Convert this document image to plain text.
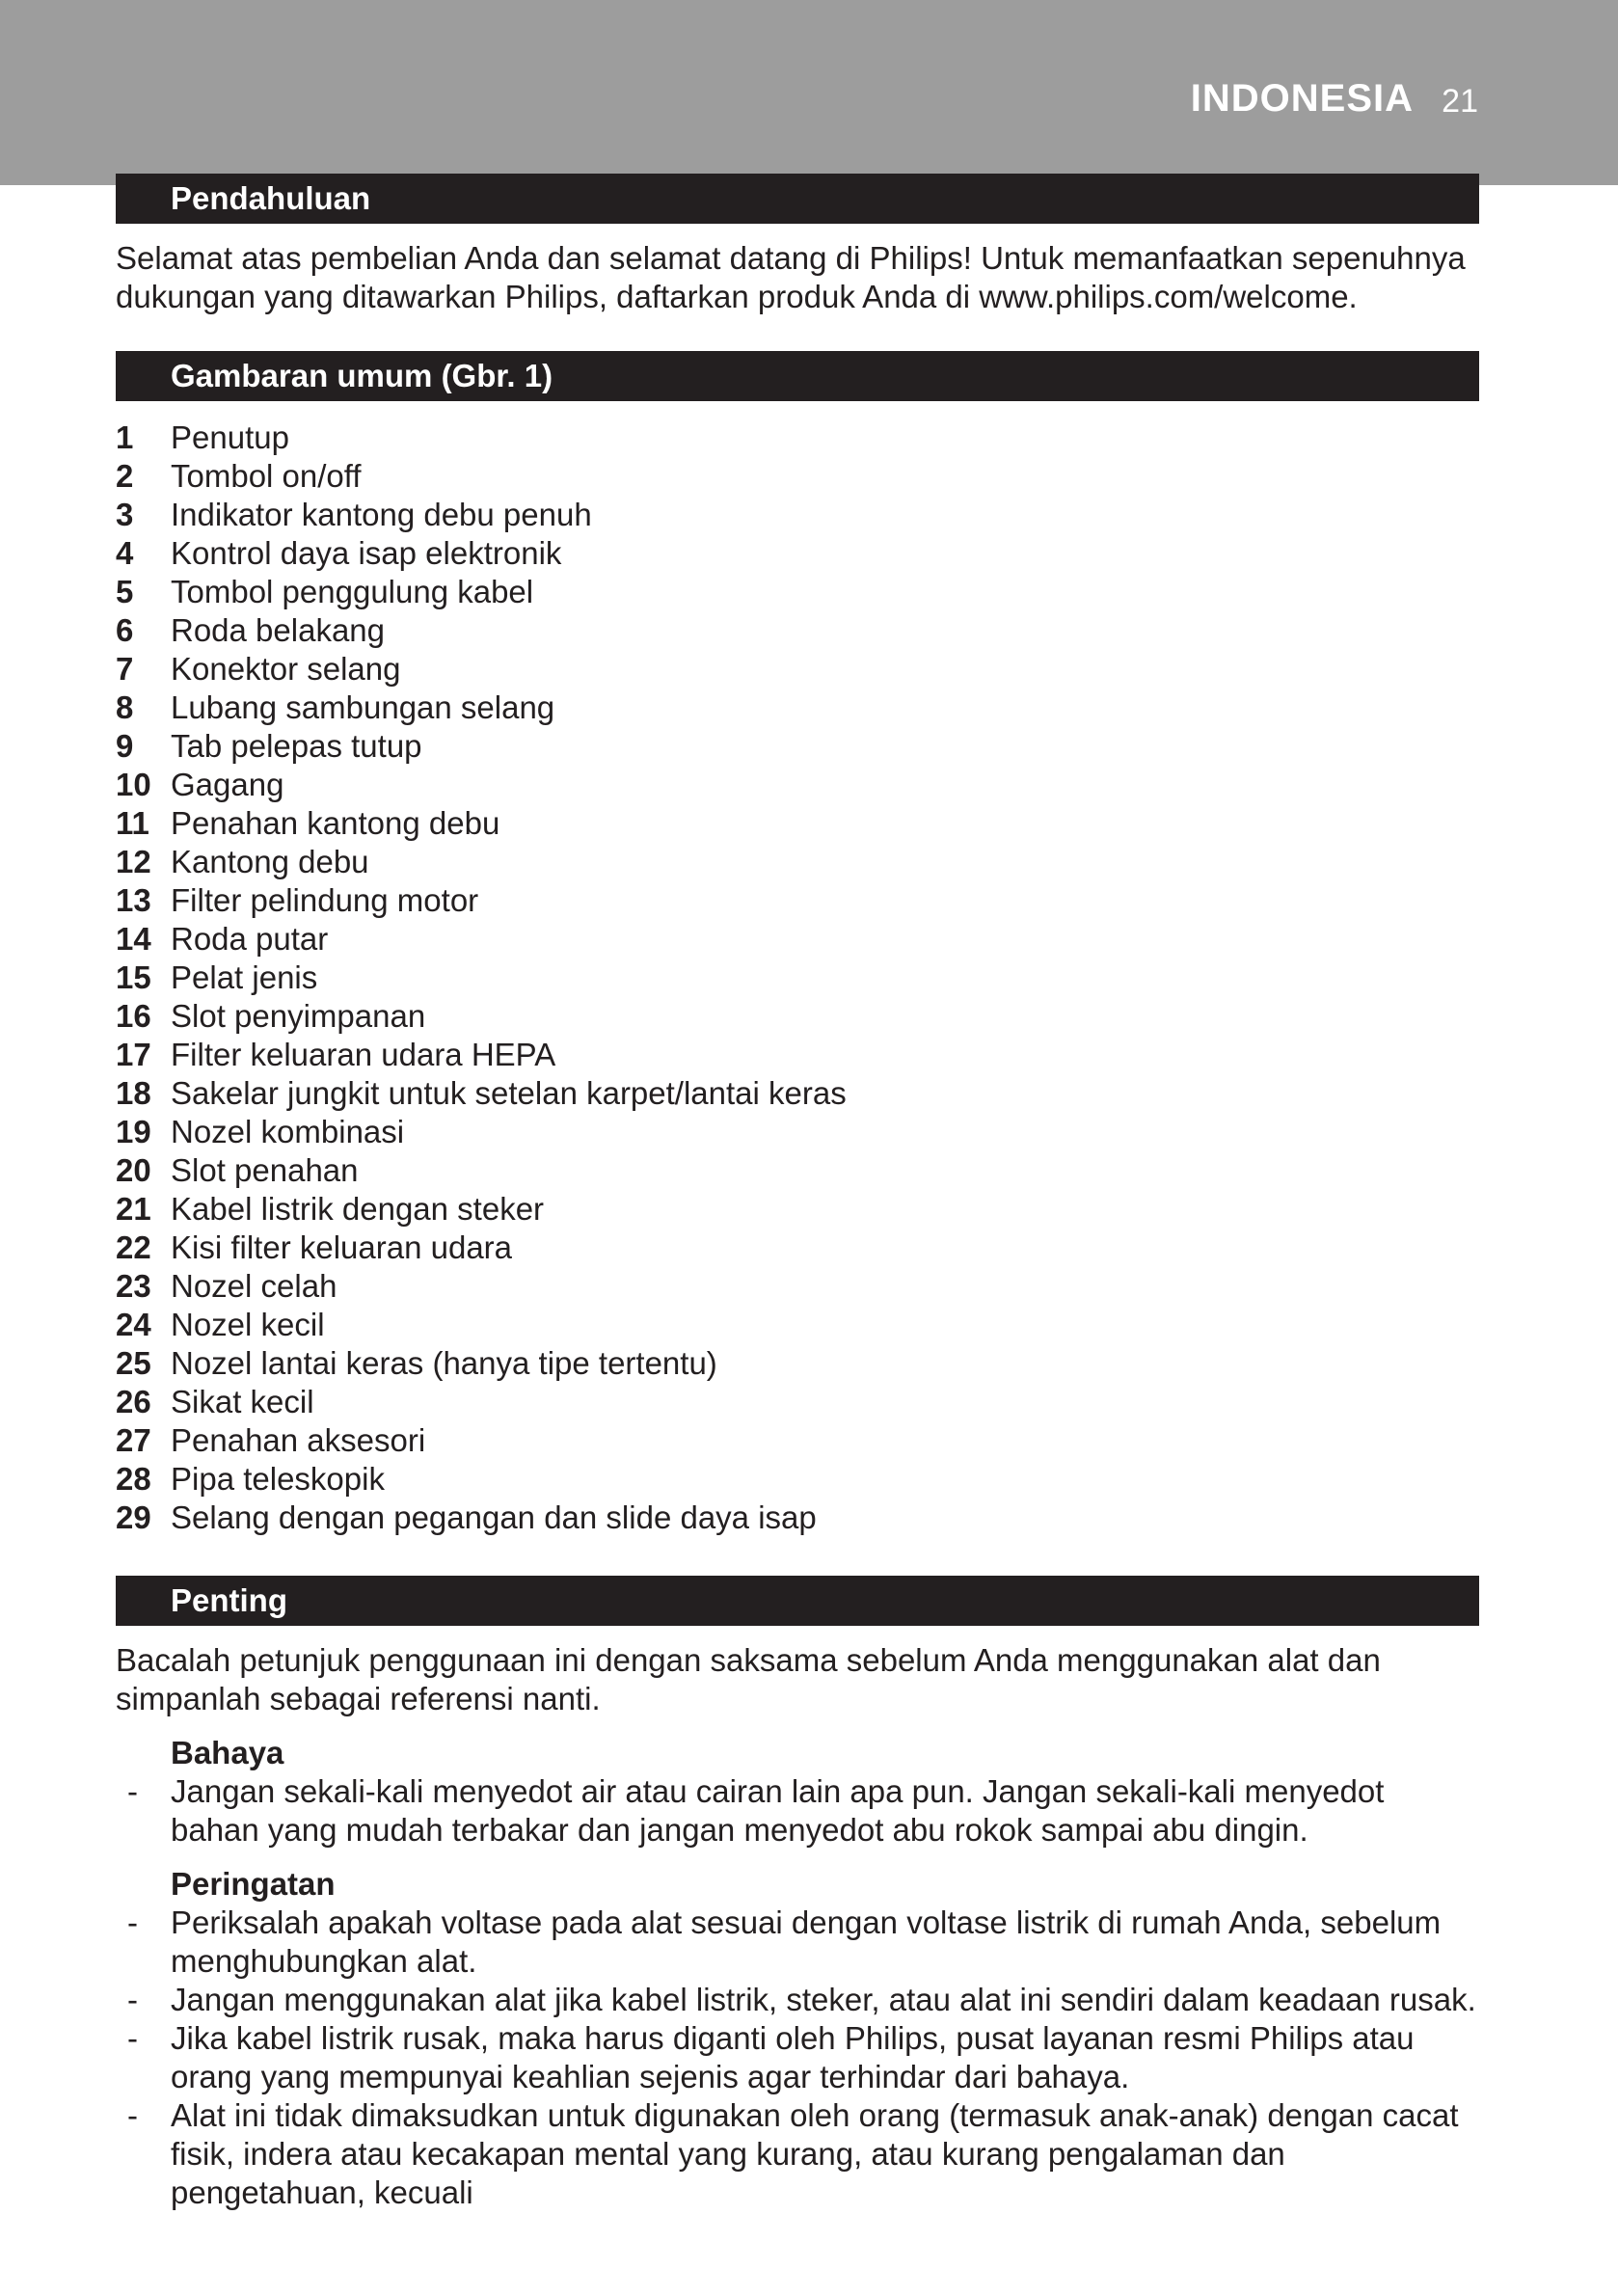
INDONESIA 21
Pendahuluan

Selamat atas pembelian Anda dan selamat datang di Philips! Untuk memanfaatkan sepenuhnya dukungan yang ditawarkan Philips, daftarkan produk Anda di www.philips.com/welcome.

Gambaran umum (Gbr. 1)
1	Penutup
2	Tombol on/off
3	Indikator kantong debu penuh
4	Kontrol daya isap elektronik
5	Tombol penggulung kabel
6	Roda belakang
7	Konektor selang
8	Lubang sambungan selang
9	Tab pelepas tutup
10 Gagang
11 Penahan kantong debu
12 Kantong debu
13 Filter pelindung motor
14 Roda putar
15 Pelat jenis
16 Slot penyimpanan
17 Filter keluaran udara HEPA
18 Sakelar jungkit untuk setelan karpet/lantai keras
19 Nozel kombinasi
20 Slot penahan
21 Kabel listrik dengan steker
22 Kisi filter keluaran udara
23 Nozel celah
24 Nozel kecil
25 Nozel lantai keras (hanya tipe tertentu)
26 Sikat kecil
27 Penahan aksesori
28 Pipa teleskopik
29 Selang dengan pegangan dan slide daya isap
Penting

Bacalah petunjuk penggunaan ini dengan saksama sebelum Anda menggunakan alat dan simpanlah sebagai referensi nanti.

Bahaya
-	Jangan sekali-kali menyedot air atau cairan lain apa pun. Jangan sekali-kali menyedot bahan yang mudah terbakar dan jangan menyedot abu rokok sampai abu dingin.
Peringatan
-	Periksalah apakah voltase pada alat sesuai dengan voltase listrik di rumah Anda, sebelum menghubungkan alat.
-	Jangan menggunakan alat jika kabel listrik, steker, atau alat ini sendiri dalam keadaan rusak.
-	Jika kabel listrik rusak, maka harus diganti oleh Philips, pusat layanan resmi Philips atau orang yang mempunyai keahlian sejenis agar terhindar dari bahaya.
-	Alat ini tidak dimaksudkan untuk digunakan oleh orang (termasuk anak-anak) dengan cacat fisik, indera atau kecakapan mental yang kurang, atau kurang pengalaman dan pengetahuan, kecuali
